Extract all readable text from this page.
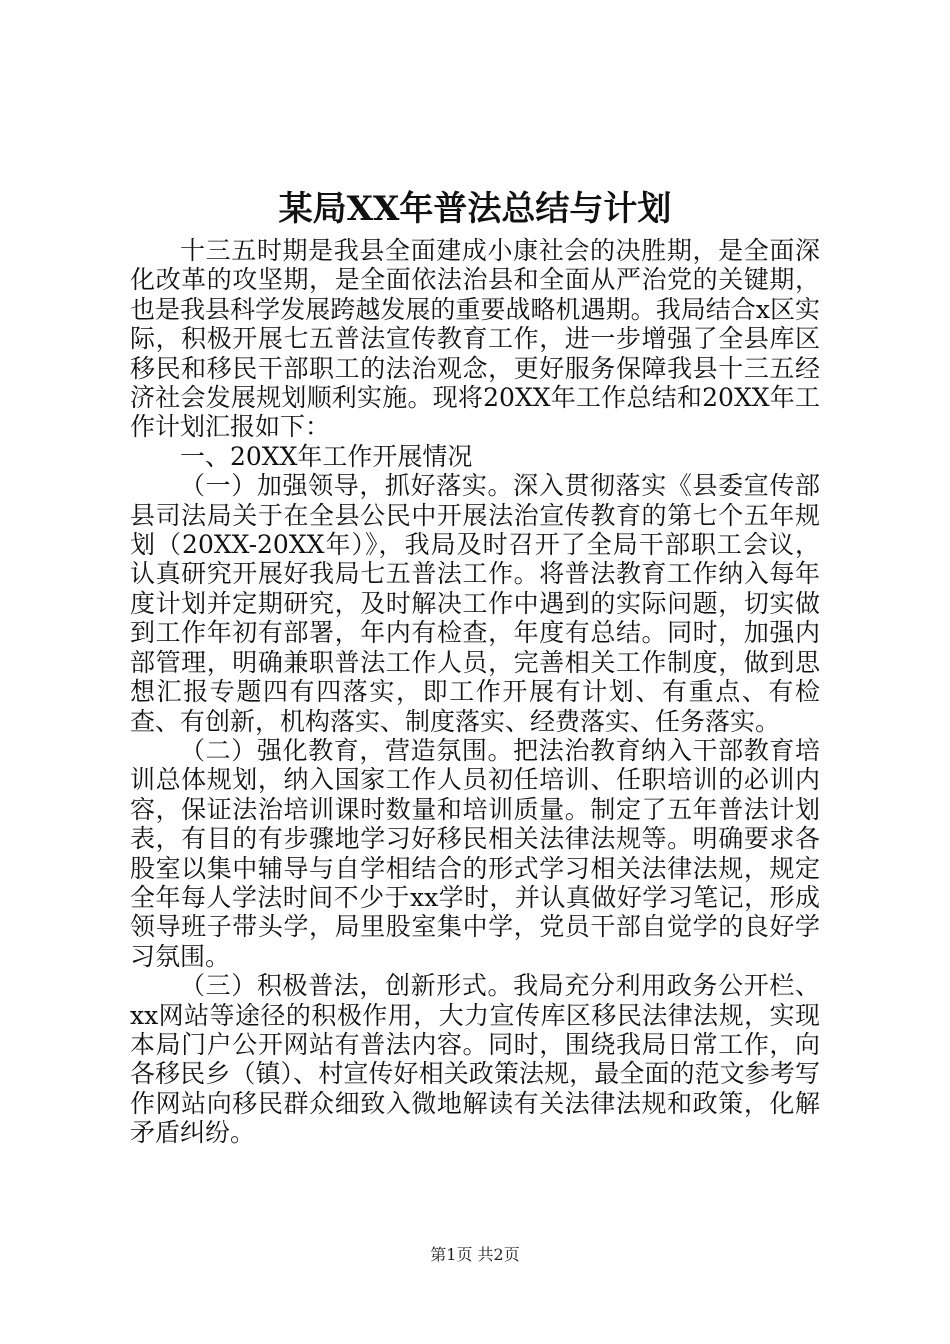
某局XX年普法总结与计划

十三五时期是我县全面建成小康社会的决胜期，是全面深化改革的攻坚期，是全面依法治县和全面从严治党的关键期，也是我县科学发展跨越发展的重要战略机遇期。我局结合x区实际，积极开展七五普法宣传教育工作，进一步增强了全县库区移民和移民干部职工的法治观念，更好服务保障我县十三五经济社会发展规划顺利实施。现将20XX年工作总结和20XX年工作计划汇报如下：

一、20XX年工作开展情况

（一）加强领导，抓好落实。深入贯彻落实《县委宣传部县司法局关于在全县公民中开展法治宣传教育的第七个五年规划（20XX-20XX年）》，我局及时召开了全局干部职工会议，认真研究开展好我局七五普法工作。将普法教育工作纳入每年度计划并定期研究，及时解决工作中遇到的实际问题，切实做到工作年初有部署，年内有检查，年度有总结。同时，加强内部管理，明确兼职普法工作人员，完善相关工作制度，做到思想汇报专题四有四落实，即工作开展有计划、有重点、有检查、有创新，机构落实、制度落实、经费落实、任务落实。

（二）强化教育，营造氛围。把法治教育纳入干部教育培训总体规划，纳入国家工作人员初任培训、任职培训的必训内容，保证法治培训课时数量和培训质量。制定了五年普法计划表，有目的有步骤地学习好移民相关法律法规等。明确要求各股室以集中辅导与自学相结合的形式学习相关法律法规，规定全年每人学法时间不少于xx学时，并认真做好学习笔记，形成领导班子带头学，局里股室集中学，党员干部自觉学的良好学习氛围。

（三）积极普法，创新形式。我局充分利用政务公开栏、xx网站等途径的积极作用，大力宣传库区移民法律法规，实现本局门户公开网站有普法内容。同时，围绕我局日常工作，向各移民乡（镇）、村宣传好相关政策法规，最全面的范文参考写作网站向移民群众细致入微地解读有关法律法规和政策，化解矛盾纠纷。

第1页 共2页
